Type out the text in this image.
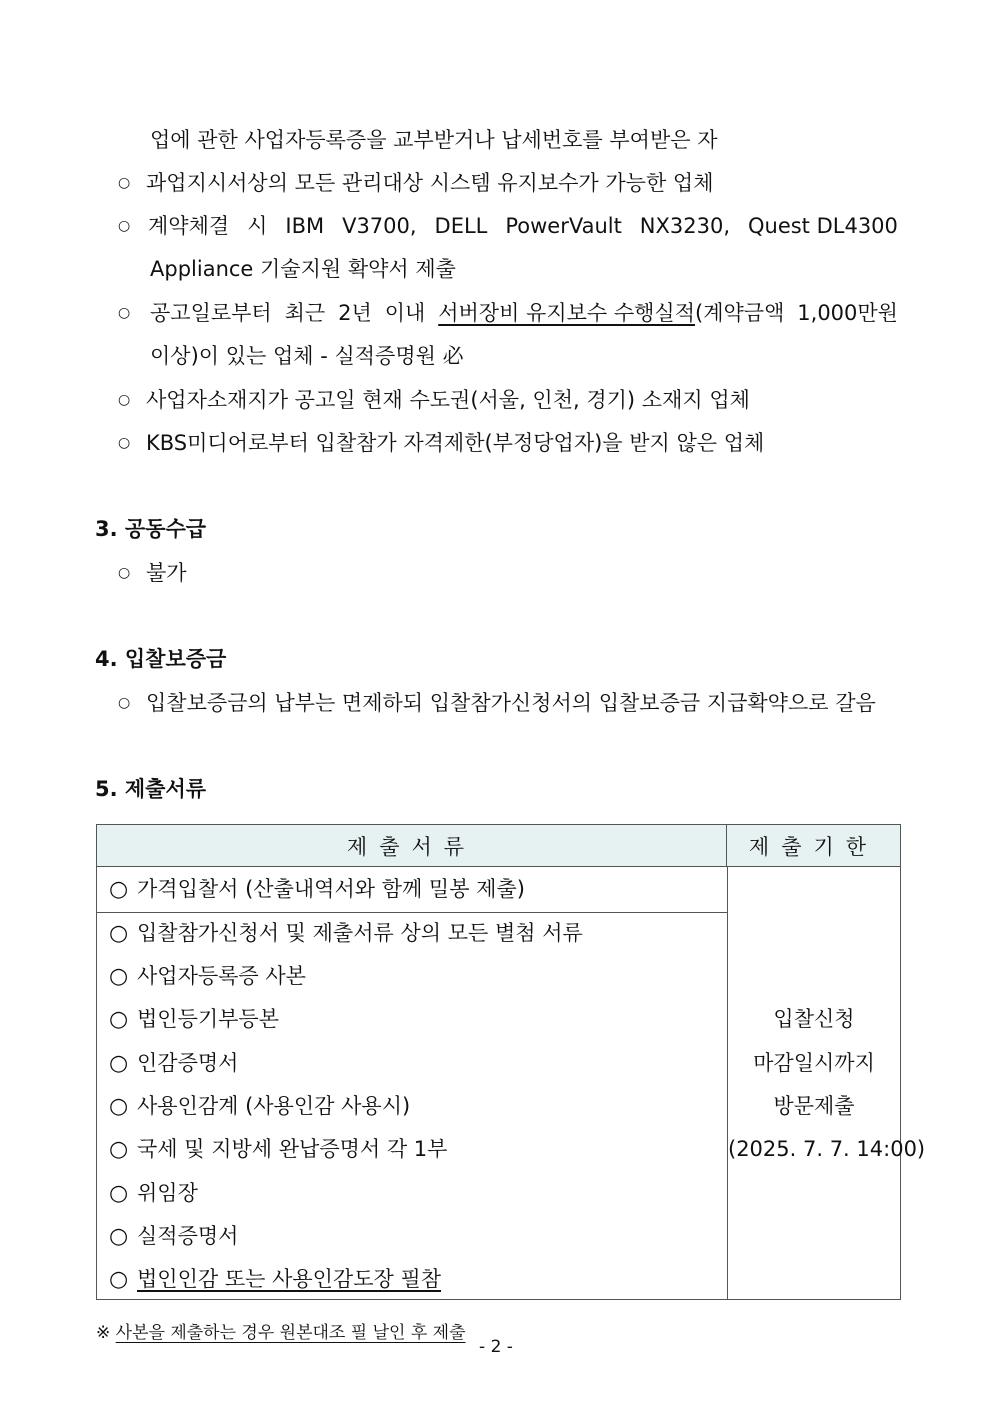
업에 관한 사업자등록증을 교부받거나 납세번호를 부여받은 자
○ 과업지시서상의 모든 관리대상 시스템 유지보수가 가능한 업체
○ 계약체결 시 IBM V3700, DELL PowerVault NX3230, Quest DL4300
Appliance 기술지원 확약서 제출
○ 공고일로부터 최근 2년 이내 서버장비 유지보수 수행실적(계약금액 1,000만원
이상)이 있는 업체 - 실적증명원 必
○ 사업자소재지가 공고일 현재 수도권(서울, 인천, 경기) 소재지 업체
○ KBS미디어로부터 입찰참가 자격제한(부정당업자)을 받지 않은 업체
3. 공동수급
○ 불가
4. 입찰보증금
○ 입찰보증금의 납부는 면제하되 입찰참가신청서의 입찰보증금 지급확약으로 갈음
5. 제출서류
제출서류	제출기한
○ 가격입찰서 (산출내역서와 함께 밀봉 제출)
○ 입찰참가신청서 및 제출서류 상의 모든 별첨 서류
○ 사업자등록증 사본
○ 법인등기부등본
○ 인감증명서
○ 사용인감계 (사용인감 사용시)
○ 국세 및 지방세 완납증명서 각 1부
○ 위임장
○ 실적증명서
○ 법인인감 또는 사용인감도장 필참
입찰신청
마감일시까지
방문제출
(2025. 7. 7. 14:00)
※ 사본을 제출하는 경우 원본대조 필 날인 후 제출
- 2 -
